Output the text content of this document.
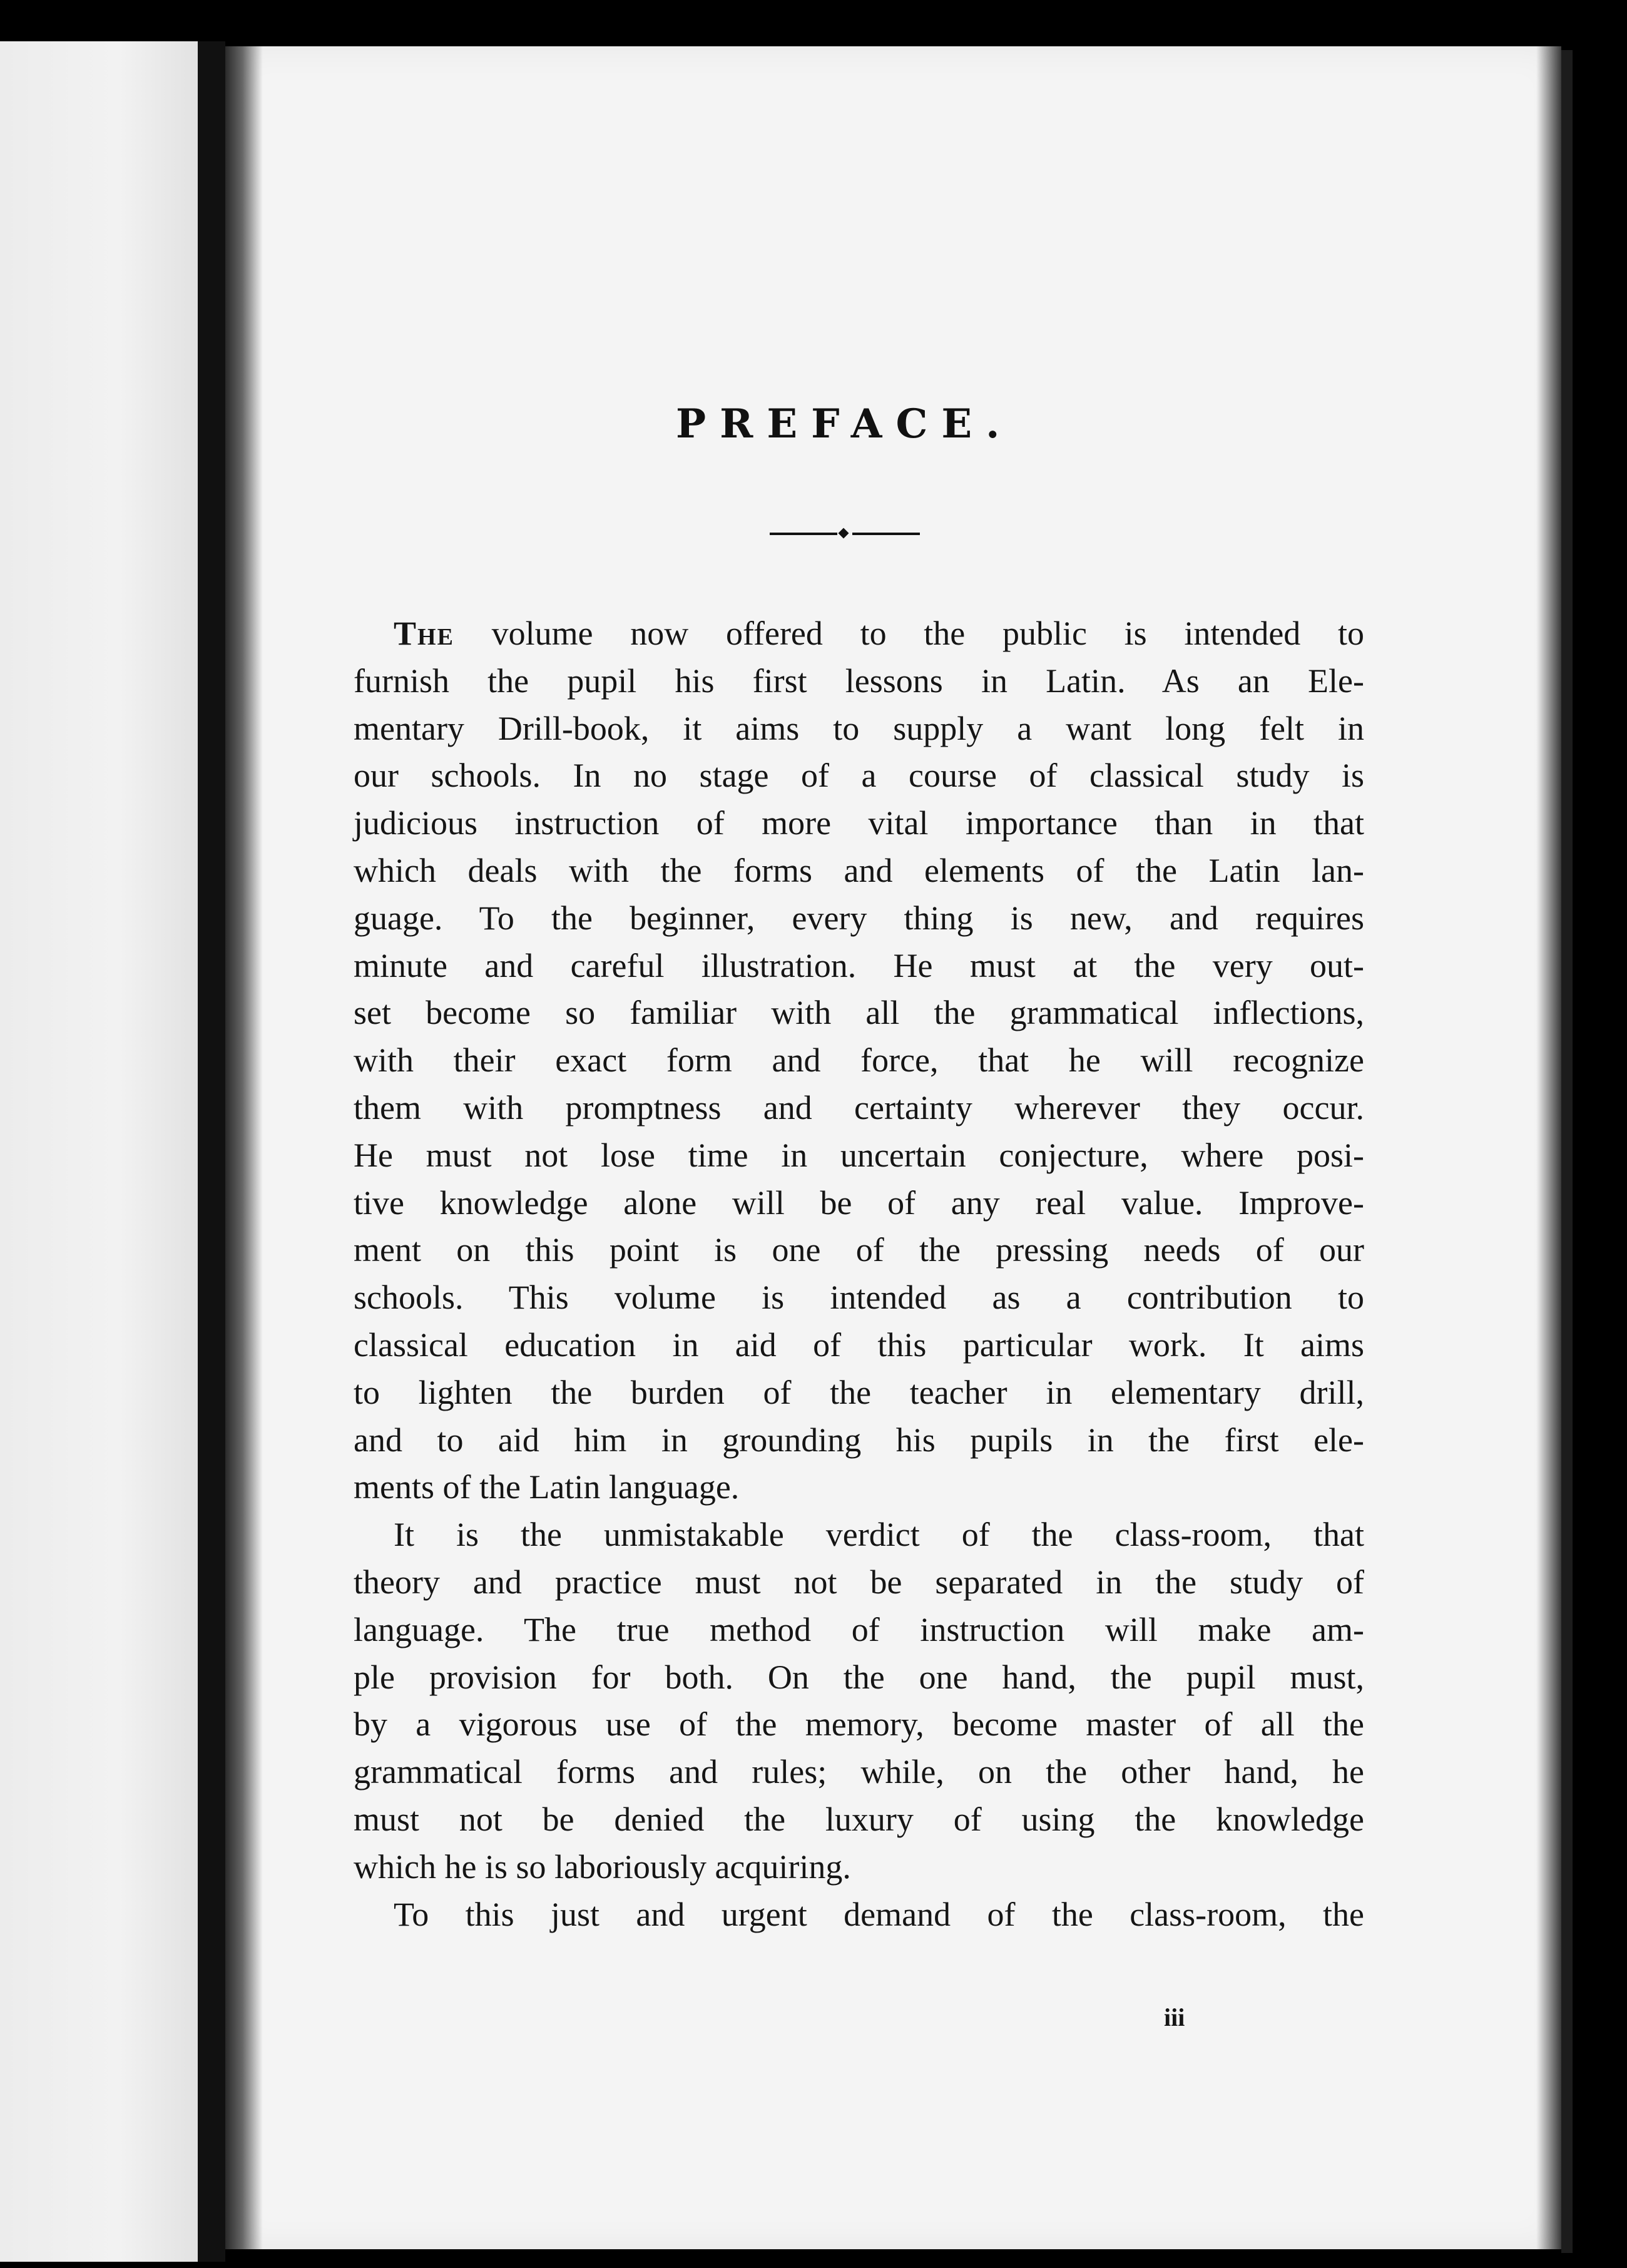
PREFACE.
The volume now offered to the public is intended to
furnish the pupil his first lessons in Latin. As an Ele-
mentary Drill-book, it aims to supply a want long felt in
our schools. In no stage of a course of classical study is
judicious instruction of more vital importance than in that
which deals with the forms and elements of the Latin lan-
guage. To the beginner, every thing is new, and requires
minute and careful illustration. He must at the very out-
set become so familiar with all the grammatical inflections,
with their exact form and force, that he will recognize
them with promptness and certainty wherever they occur.
He must not lose time in uncertain conjecture, where posi-
tive knowledge alone will be of any real value. Improve-
ment on this point is one of the pressing needs of our
schools. This volume is intended as a contribution to
classical education in aid of this particular work. It aims
to lighten the burden of the teacher in elementary drill,
and to aid him in grounding his pupils in the first ele-
ments of the Latin language.
It is the unmistakable verdict of the class-room, that
theory and practice must not be separated in the study of
language. The true method of instruction will make am-
ple provision for both. On the one hand, the pupil must,
by a vigorous use of the memory, become master of all the
grammatical forms and rules; while, on the other hand, he
must not be denied the luxury of using the knowledge
which he is so laboriously acquiring.
To this just and urgent demand of the class-room, the

iii
